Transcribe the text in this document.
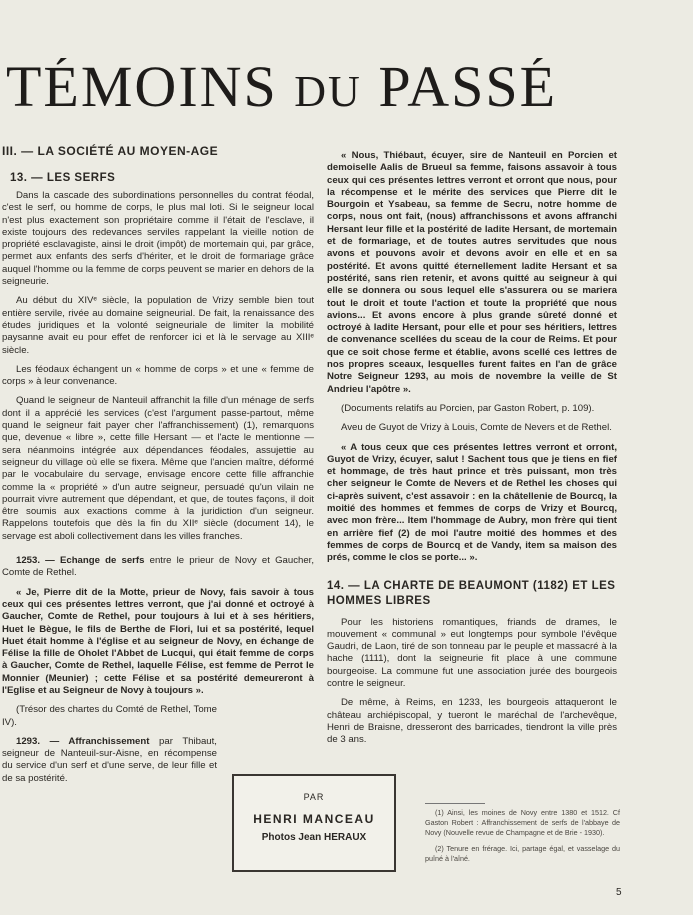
TÉMOINS DU PASSÉ
III. — LA SOCIÉTÉ AU MOYEN-AGE
13. — LES SERFS

Dans la cascade des subordinations personnelles du contrat féodal, c'est le serf, ou homme de corps, le plus mal loti. Si le seigneur local n'est plus exactement son propriétaire comme il l'était de l'esclave, il existe toujours des redevances serviles rappelant la vieille notion de propriété esclavagiste, ainsi le droit (impôt) de mortemain qui, par grâce, permet aux enfants des serfs d'hériter, et le droit de formariage grâce auquel l'homme ou la femme de corps peuvent se marier en dehors de la seigneurie.

Au début du XIVᵉ siècle, la population de Vrizy semble bien tout entière servile, rivée au domaine seigneurial. De fait, la renaissance des études juridiques et la volonté seigneuriale de limiter la mobilité paysanne avait eu pour effet de renforcer ici et là le servage au XIIIᵉ siècle.

Les féodaux échangent un « homme de corps » et une « femme de corps » à leur convenance.

Quand le seigneur de Nanteuil affranchit la fille d'un ménage de serfs dont il a apprécié les services (c'est l'argument passe-partout, même quand le seigneur fait payer cher l'affranchissement) (1), remarquons que, devenue « libre », cette fille Hersant — et l'acte le mentionne — sera néanmoins intégrée aux dépendances féodales, assujettie au seigneur du village où elle se fixera. Même que l'ancien maître, déformé par le vocabulaire du servage, envisage encore cette fille affranchie comme la « propriété » d'un autre seigneur, persuadé qu'un vilain ne pourrait vivre autrement que dépendant, et que, de toutes façons, il doit être soumis aux exactions comme à la juridiction d'un seigneur. Rappelons toutefois que dès la fin du XIIᵉ siècle (document 14), le servage est aboli collectivement dans les villes franches.

1253. — Echange de serfs entre le prieur de Novy et Gaucher, Comte de Rethel.

« Je, Pierre dit de la Motte, prieur de Novy, fais savoir à tous ceux qui ces présentes lettres verront, que j'ai donné et octroyé à Gaucher, Comte de Rethel, pour toujours à lui et à ses héritiers, Huet le Bègue, le fils de Berthe de Flori, lui et sa postérité, lequel Huet était homme à l'église et au seigneur de Novy, en échange de Félise la fille de Oholet l'Abbet de Lucqui, qui était femme de corps à Gaucher, Comte de Rethel, laquelle Félise, est femme de Perrot le Monnier (Meunier) ; cette Félise et sa postérité demeureront à l'Eglise et au Seigneur de Novy à toujours ».

(Trésor des chartes du Comté de Rethel, Tome IV).

1293. — Affranchissement par Thibaut, seigneur de Nanteuil-sur-Aisne, en récompense du service d'un serf et d'une serve, de leur fille et de sa postérité.

« Nous, Thiébaut, écuyer, sire de Nanteuil en Porcien et demoiselle Aalis de Brueul sa femme, faisons assavoir à tous ceux qui ces présentes lettres verront et orront que nous, pour la récompense et le mérite des services que Pierre dit le Bourgoin et Ysabeau, sa femme de Secru, notre homme de corps, nous ont fait, (nous) affranchissons et avons affranchi Hersant leur fille et la postérité de ladite Hersant, de mortemain et de formariage, et de toutes autres servitudes que nous avons et pouvons avoir et devons avoir en elle et en sa postérité. Et avons quitté éternellement ladite Hersant et sa postérité, sans rien retenir, et avons quitté au seigneur à qui elle se donnera ou sous lequel elle s'assurera ou se mariera tout le droit et toute l'action et toute la propriété que nous avions... Et avons encore à plus grande sûreté donné et octroyé à ladite Hersant, pour elle et pour ses héritiers, lettres de convenance scellées du sceau de la cour de Reims. Et pour que ce soit chose ferme et établie, avons scellé ces lettres de nos propres sceaux, lesquelles furent faites en l'an de grâce Notre Seigneur 1293, au mois de novembre la veille de St Andrieu l'apôtre ».

(Documents relatifs au Porcien, par Gaston Robert, p. 109).

Aveu de Guyot de Vrizy à Louis, Comte de Nevers et de Rethel.

« A tous ceux que ces présentes lettres verront et orront, Guyot de Vrizy, écuyer, salut ! Sachent tous que je tiens en fief et hommage, de très haut prince et très puissant, mon très cher seigneur le Comte de Nevers et de Rethel les choses qui ci-après suivent, c'est assavoir : en la châtellenie de Bourcq, la moitié des hommes et femmes de corps de Vrizy et Bourcq, avec mon frère... Item l'hommage de Aubry, mon frère qui tient en arrière fief (2) de moi l'autre moitié des hommes et des femmes de corps de Bourcq et de Vandy, item sa maison des prés, comme le clos se porte... ».

14. — LA CHARTE DE BEAUMONT (1182) ET LES HOMMES LIBRES

Pour les historiens romantiques, friands de drames, le mouvement « communal » eut longtemps pour symbole l'évêque Gaudri, de Laon, tiré de son tonneau par le peuple et massacré à la hache (1111), dont la seigneurie fit place à une commune bourgeoise. La commune fut une association jurée des bourgeois contre le seigneur.

De même, à Reims, en 1233, les bourgeois attaqueront le château archiépiscopal, y tueront le maréchal de l'archevêque, Henri de Braisne, dresseront des barricades, tiendront la ville près de 3 ans.

PAR
HENRI MANCEAU
Photos Jean HERAUX
(1) Ainsi, les moines de Novy entre 1380 et 1512. Cf Gaston Robert : Affranchissement de serfs de l'abbaye de Novy (Nouvelle revue de Champagne et de Brie - 1930).
(2) Tenure en frérage. Ici, partage égal, et vasselage du puîné à l'aîné.
5
